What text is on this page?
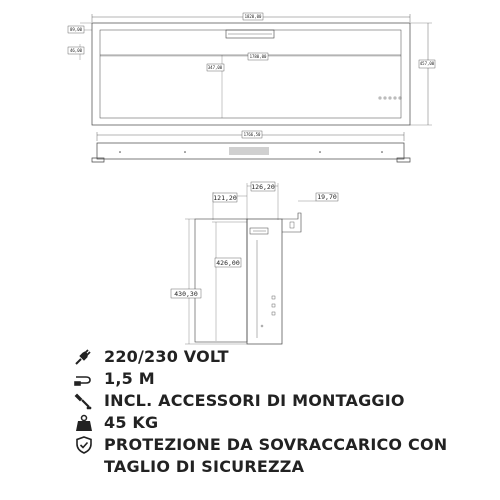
1820,00
457,00
89,00
46,00
1780,00
347,00
1766,50
126,20
121,20	19,70
426,00
430,30
220/230 VOLT
1,5 M
INCL. ACCESSORI DI MONTAGGIO
45 KG
PROTEZIONE DA SOVRACCARICO CON
TAGLIO DI SICUREZZA
